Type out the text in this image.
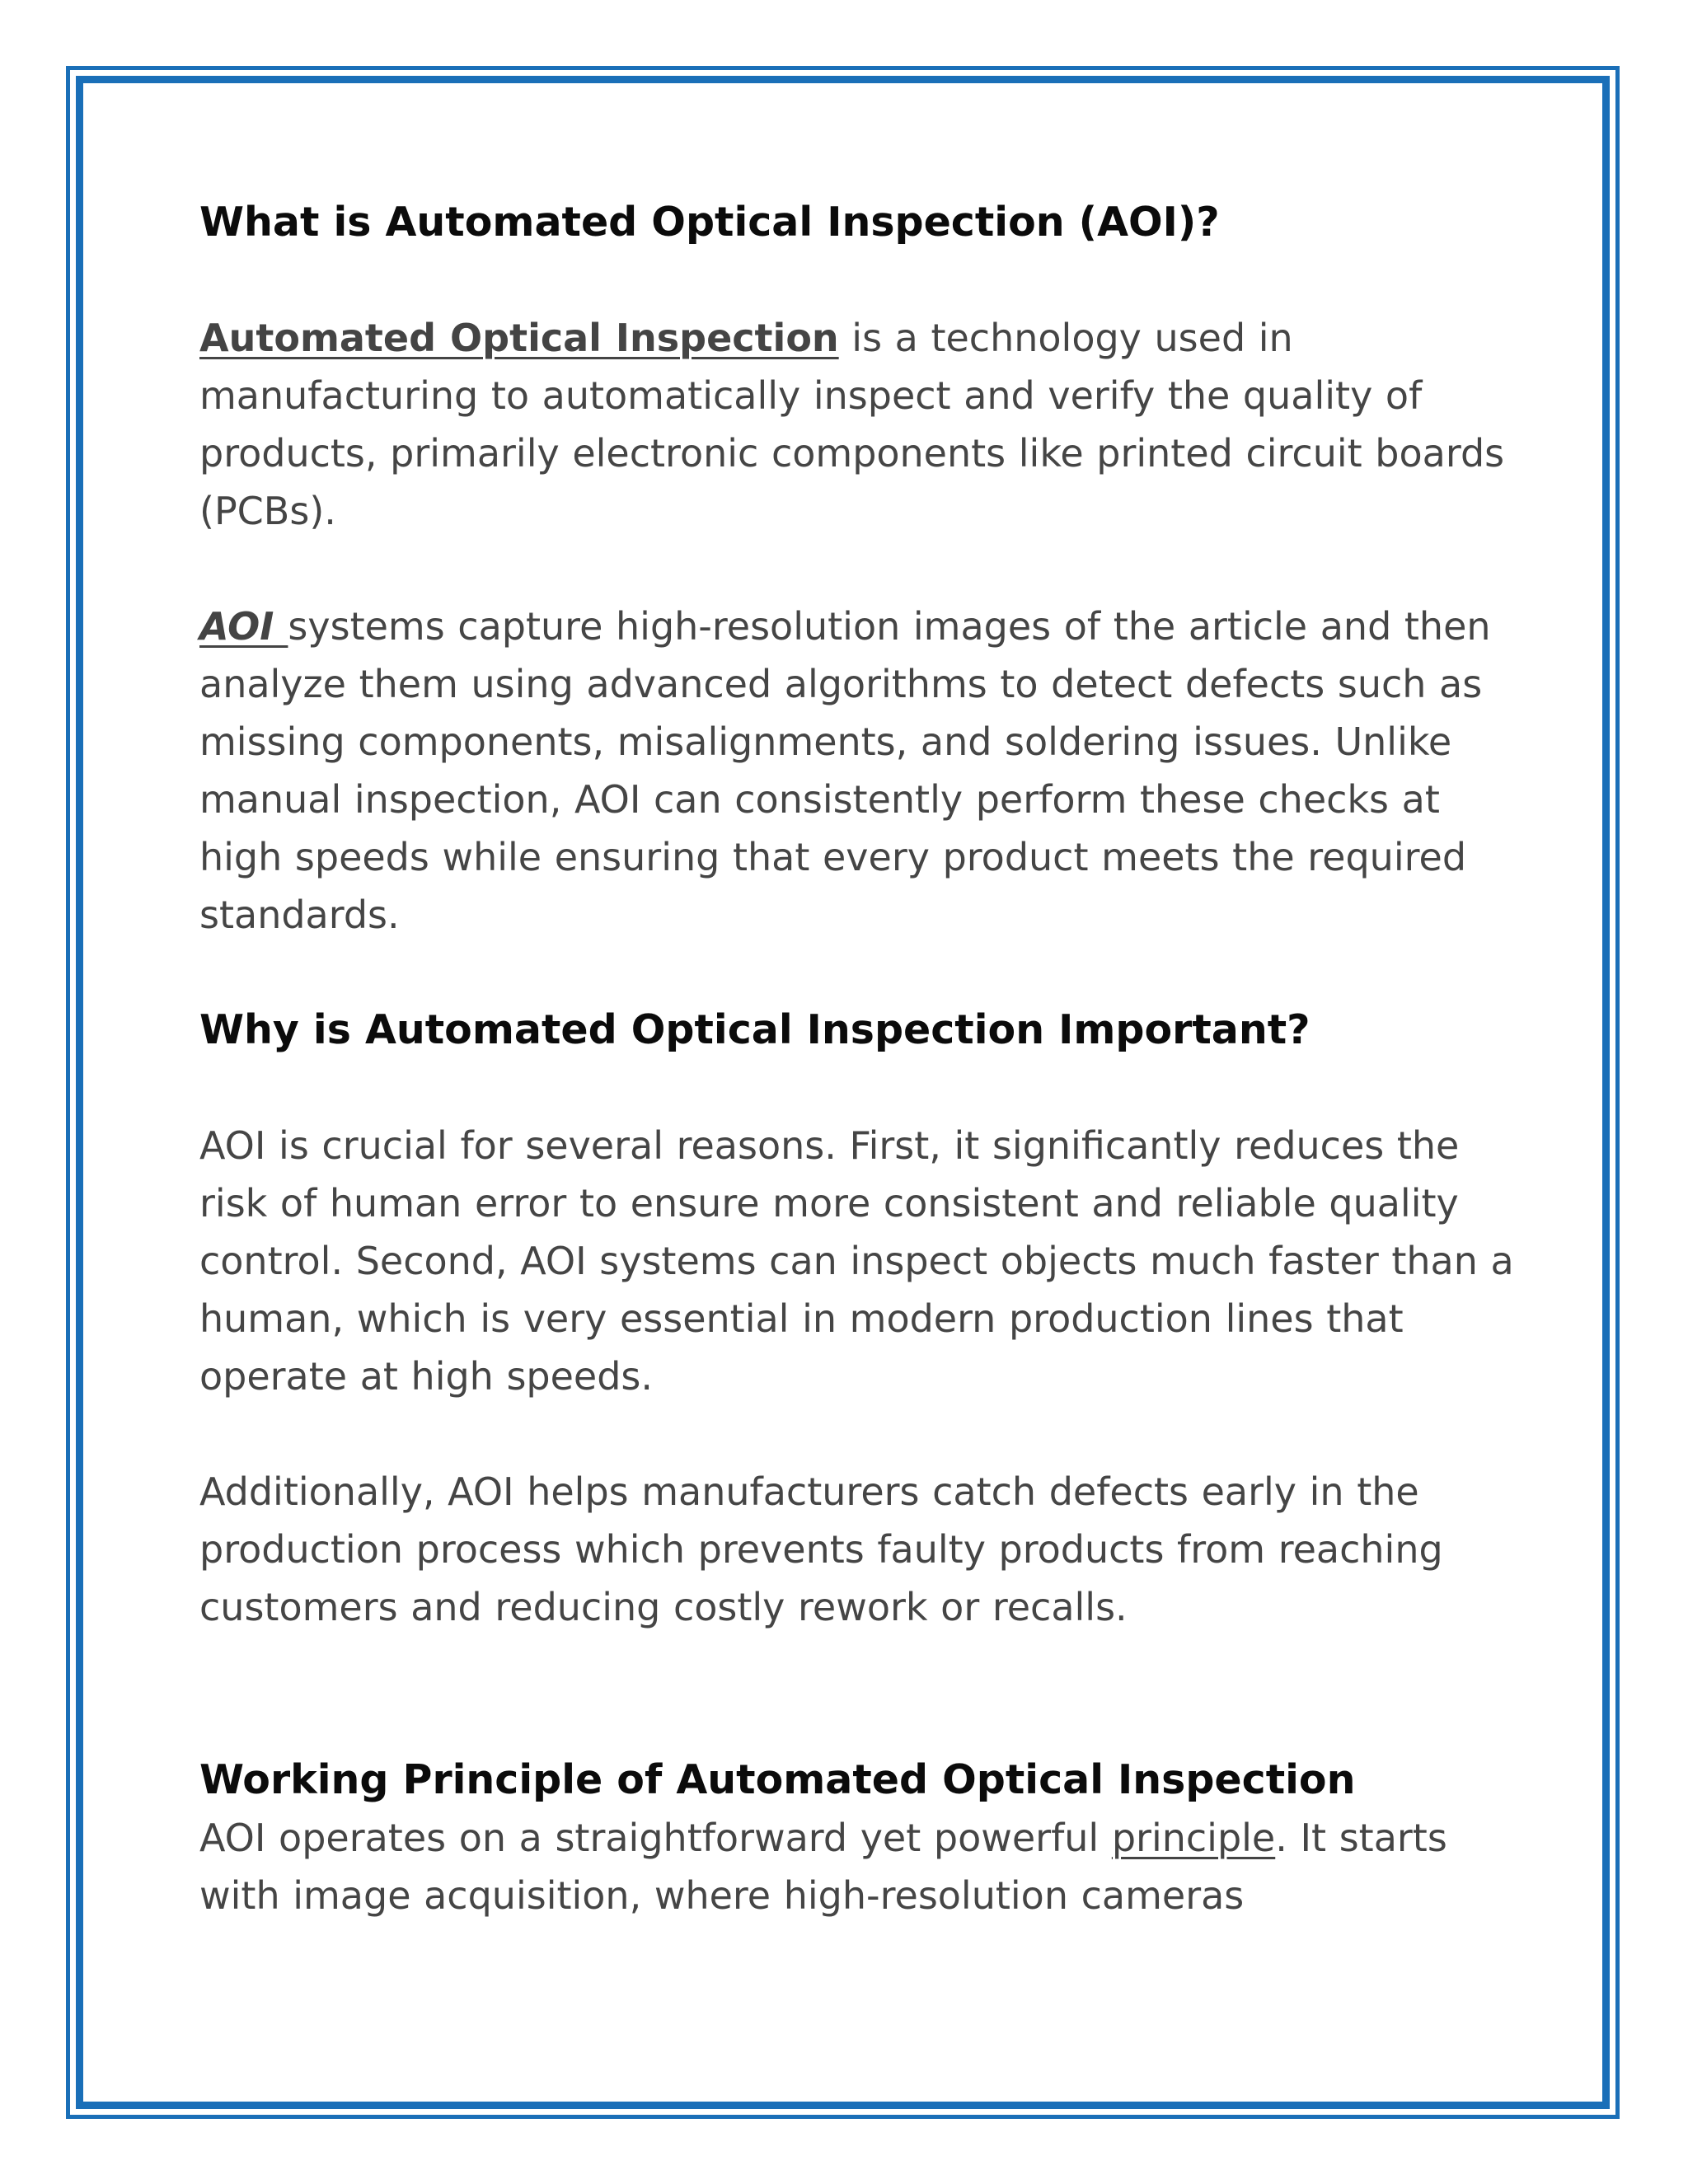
What is Automated Optical Inspection (AOI)?

Automated Optical Inspection is a technology used in manufacturing to automatically inspect and verify the quality of products, primarily electronic components like printed circuit boards (PCBs).

AOI systems capture high-resolution images of the article and then analyze them using advanced algorithms to detect defects such as missing components, misalignments, and soldering issues. Unlike manual inspection, AOI can consistently perform these checks at high speeds while ensuring that every product meets the required standards.

Why is Automated Optical Inspection Important?

AOI is crucial for several reasons. First, it significantly reduces the risk of human error to ensure more consistent and reliable quality control. Second, AOI systems can inspect objects much faster than a human, which is very essential in modern production lines that operate at high speeds.

Additionally, AOI helps manufacturers catch defects early in the production process which prevents faulty products from reaching customers and reducing costly rework or recalls.

Working Principle of Automated Optical Inspection

AOI operates on a straightforward yet powerful principle. It starts with image acquisition, where high-resolution cameras
